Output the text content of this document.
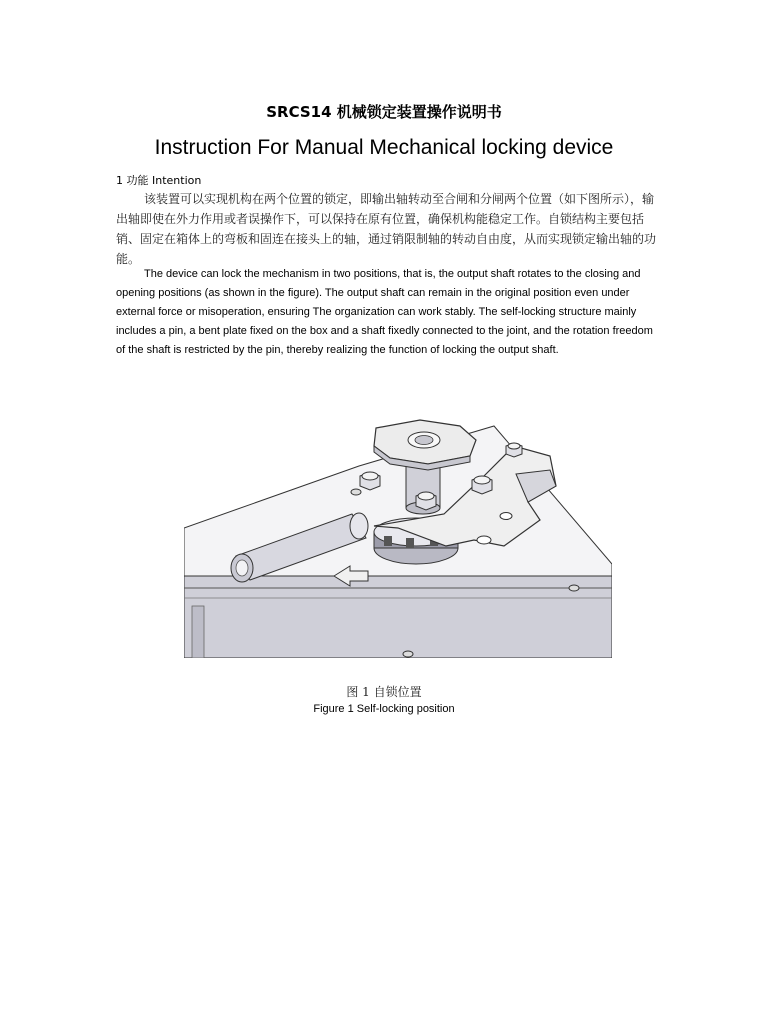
SRCS14 机械锁定装置操作说明书
Instruction For Manual Mechanical locking device
1 功能 Intention

该装置可以实现机构在两个位置的锁定，即输出轴转动至合闸和分闸两个位置（如下图所示），输出轴即使在外力作用或者误操作下，可以保持在原有位置，确保机构能稳定工作。自锁结构主要包括销、固定在箱体上的弯板和固连在接头上的轴，通过销限制轴的转动自由度，从而实现锁定输出轴的功能。

The device can lock the mechanism in two positions, that is, the output shaft rotates to the closing and opening positions (as shown in the figure). The output shaft can remain in the original position even under external force or misoperation, ensuring The organization can work stably. The self-locking structure mainly includes a pin, a bent plate fixed on the box and a shaft fixedly connected to the joint, and the rotation freedom of the shaft is restricted by the pin, thereby realizing the function of locking the output shaft.

图 1 自锁位置
Figure 1 Self-locking position
